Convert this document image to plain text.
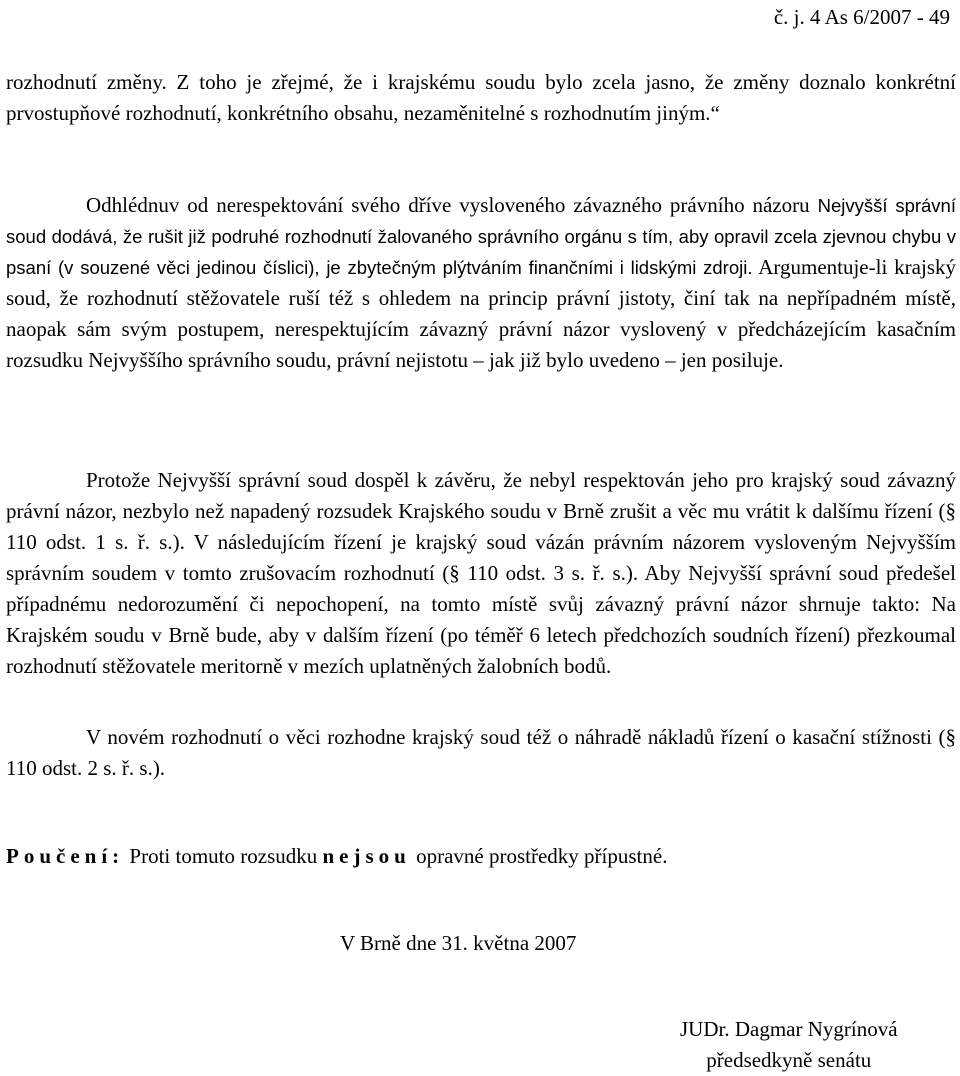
č. j. 4 As 6/2007 - 49

rozhodnutí změny. Z toho je zřejmé, že i krajskému soudu bylo zcela jasno, že změny doznalo konkrétní prvostupňové rozhodnutí, konkrétního obsahu, nezaměnitelné s rozhodnutím jiným.“

Odhlédnuv od nerespektování svého dříve vysloveného závazného právního názoru Nejvyšší správní soud dodává, že rušit již podruhé rozhodnutí žalovaného správního orgánu s tím, aby opravil zcela zjevnou chybu v psaní (v souzené věci jedinou číslici), je zbytečným plýtváním finančními i lidskými zdroji. Argumentuje-li krajský soud, že rozhodnutí stěžovatele ruší též s ohledem na princip právní jistoty, činí tak na nepřípadném místě, naopak sám svým postupem, nerespektujícím závazný právní názor vyslovený v předcházejícím kasačním rozsudku Nejvyššího správního soudu, právní nejistotu – jak již bylo uvedeno – jen posiluje.

Protože Nejvyšší správní soud dospěl k závěru, že nebyl respektován jeho pro krajský soud závazný právní názor, nezbylo než napadený rozsudek Krajského soudu v Brně zrušit a věc mu vrátit k dalšímu řízení (§ 110 odst. 1 s. ř. s.). V následujícím řízení je krajský soud vázán právním názorem vysloveným Nejvyšším správním soudem v tomto zrušovacím rozhodnutí (§ 110 odst. 3 s. ř. s.). Aby Nejvyšší správní soud předešel případnému nedorozumění či nepochopení, na tomto místě svůj závazný právní názor shrnuje takto: Na Krajském soudu v Brně bude, aby v dalším řízení (po téměř 6 letech předchozích soudních řízení) přezkoumal rozhodnutí stěžovatele meritorně v mezích uplatněných žalobních bodů.

V novém rozhodnutí o věci rozhodne krajský soud též o náhradě nákladů řízení o kasační stížnosti (§ 110 odst. 2 s. ř. s.).

Poučení: Proti tomuto rozsudku nejsou opravné prostředky přípustné.
V Brně dne 31. května 2007
JUDr. Dagmar Nygrínová
předsedkyně senátu
